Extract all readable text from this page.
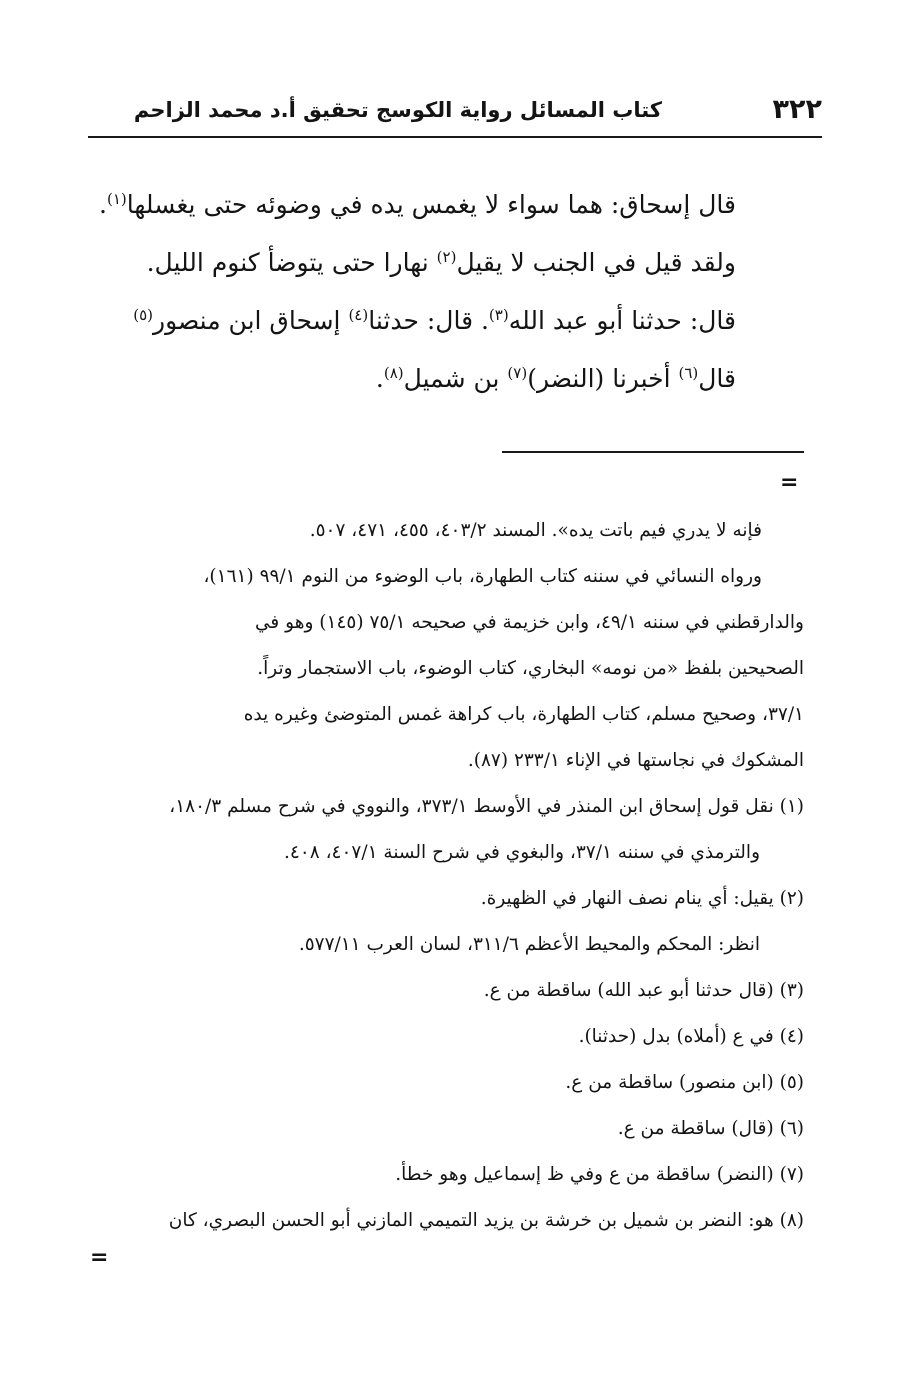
٣٢٢
كتاب المسائل رواية الكوسج تحقيق أ.د محمد الزاحم
قال إسحاق: هما سواء لا يغمس يده في وضوئه حتى يغسلها$^{(١)}$.
ولقد قيل في الجنب لا يقيل$^{(٢)}$ نهارا حتى يتوضأ كنوم الليل.
قال: حدثنا أبو عبد الله$^{(٣)}$. قال: حدثنا$^{(٤)}$ إسحاق ابن منصور$^{(٥)}$
قال$^{(٦)}$ أخبرنا (النضر)$^{(٧)}$ بن شميل$^{(٨)}$.
=
فإنه لا يدري فيم باتت يده». المسند ٤٠٣/٢، ٤٥٥، ٤٧١، ٥٠٧.
ورواه النسائي في سننه كتاب الطهارة، باب الوضوء من النوم ٩٩/١ (١٦١)،
والدارقطني في سننه ٤٩/١، وابن خزيمة في صحيحه ٧٥/١ (١٤٥) وهو في
الصحيحين بلفظ «من نومه» البخاري، كتاب الوضوء، باب الاستجمار وتراً.
٣٧/١، وصحيح مسلم، كتاب الطهارة، باب كراهة غمس المتوضئ وغيره يده
المشكوك في نجاستها في الإناء ٢٣٣/١ (٨٧).
(١) نقل قول إسحاق ابن المنذر في الأوسط ٣٧٣/١، والنووي في شرح مسلم ١٨٠/٣،
والترمذي في سننه ٣٧/١، والبغوي في شرح السنة ٤٠٧/١، ٤٠٨.
(٢) يقيل: أي ينام نصف النهار في الظهيرة.
انظر: المحكم والمحيط الأعظم ٣١١/٦، لسان العرب ٥٧٧/١١.
(٣) (قال حدثنا أبو عبد الله) ساقطة من ع.
(٤) في ع (أملاه) بدل (حدثنا).
(٥) (ابن منصور) ساقطة من ع.
(٦) (قال) ساقطة من ع.
(٧) (النضر) ساقطة من ع وفي ظ إسماعيل وهو خطأ.
(٨) هو: النضر بن شميل بن خرشة بن يزيد التميمي المازني أبو الحسن البصري، كان
=
